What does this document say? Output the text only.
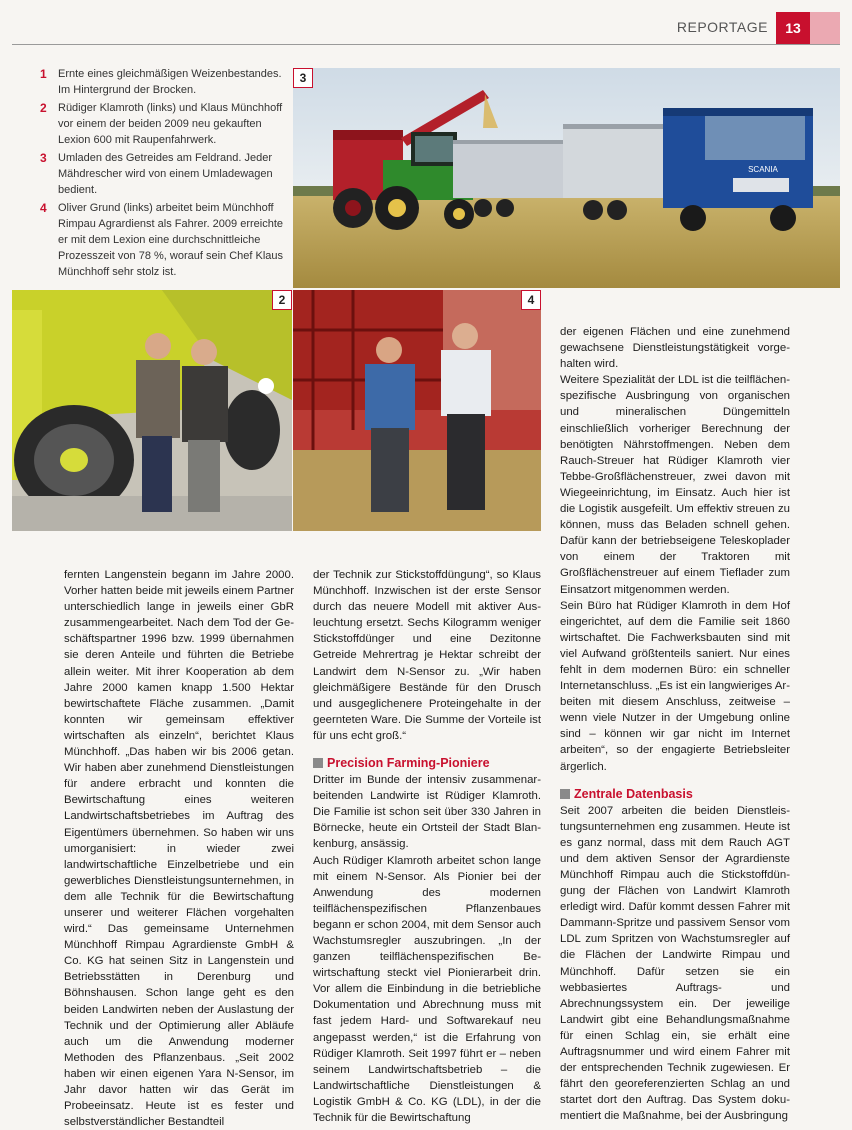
REPORTAGE	13
1 Ernte eines gleichmäßigen Weizenbestandes. Im Hintergrund der Brocken.
2 Rüdiger Klamroth (links) und Klaus Münchhoff vor einem der beiden 2009 neu gekauften Lexion 600 mit Raupenfahrwerk.
3 Umladen des Getreides am Feldrand. Jeder Mähdrescher wird von einem Umladewagen bedient.
4 Oliver Grund (links) arbeitet beim Münchhoff Rimpau Agrardienst als Fahrer. 2009 erreichte er mit dem Lexion eine durchschnittleiche Prozesszeit von 78 %, worauf sein Chef Klaus Münchhoff sehr stolz ist.
SCANIA
3
2	4

fernten Langenstein begann im Jahre 2000. Vorher hatten beide mit jeweils einem Partner unterschiedlich lange in jeweils einer GbR zusammengearbeitet. Nach dem Tod der Geschäftspartner 1996 bzw. 1999 übernahmen sie deren Anteile und führten die Betriebe allein weiter. Mit ihrer Kooperation ab dem Jahre 2000 kamen knapp 1.500 Hektar bewirtschaftete Fläche zusammen. „Damit konnten wir gemeinsam effektiver wirtschaften als einzeln“, berichtet Klaus Münchhoff. „Das haben wir bis 2006 getan. Wir haben aber zunehmend Dienstleistungen für andere erbracht und konnten die Bewirtschaftung eines weiteren Landwirtschaftsbetriebes im Auftrag des Eigentümers übernehmen. So haben wir uns umorganisiert: in wieder zwei landwirtschaftliche Einzelbetriebe und ein gewerbliches Dienstleistungsunternehmen, in dem alle Technik für die Bewirtschaftung unserer und weiterer Flächen vorgehalten wird.“ Das gemeinsame Unternehmen Münchhoff Rimpau Agrardienste GmbH & Co. KG hat seinen Sitz in Langenstein und Betriebsstätten in Derenburg und Böhnshausen. Schon lange geht es den beiden Landwirten neben der Auslastung der Technik und der Optimierung aller Abläufe auch um die Anwendung moderner Methoden des Pflanzenbaus. „Seit 2002 haben wir einen eigenen Yara N-Sensor, im Jahr davor hatten wir das Gerät im Probeeinsatz. Heute ist es fester und selbstverständlicher Bestandteil

der Technik zur Stickstoffdüngung“, so Klaus Münchhoff. Inzwischen ist der erste Sensor durch das neuere Modell mit aktiver Ausleuchtung ersetzt. Sechs Kilogramm weniger Stickstoffdünger und eine Dezitonne Getreide Mehrertrag je Hektar schreibt der Landwirt dem N-Sensor zu. „Wir haben gleichmäßigere Bestände für den Drusch und ausgeglichenere Proteingehalte in der geernteten Ware. Die Summe der Vorteile ist für uns echt groß.“

Precision Farming-Pioniere

Dritter im Bunde der intensiv zusammenarbeitenden Landwirte ist Rüdiger Klamroth. Die Familie ist schon seit über 330 Jahren in Börnecke, heute ein Ortsteil der Stadt Blankenburg, ansässig.

Auch Rüdiger Klamroth arbeitet schon lange mit einem N-Sensor. Als Pionier bei der Anwendung des modernen teilflächenspezifischen Pflanzenbaues begann er schon 2004, mit dem Sensor auch Wachstumsregler auszubringen. „In der ganzen teilflächenspezifischen Bewirtschaftung steckt viel Pionierarbeit drin. Vor allem die Einbindung in die betriebliche Dokumentation und Abrechnung muss mit fast jedem Hard- und Softwarekauf neu angepasst werden,“ ist die Erfahrung von Rüdiger Klamroth. Seit 1997 führt er – neben seinem Landwirtschaftsbetrieb – die Landwirtschaftliche Dienstleistungen & Logistik GmbH & Co. KG (LDL), in der die Technik für die Bewirtschaftung

der eigenen Flächen und eine zunehmend gewachsene Dienstleistungstätigkeit vorgehalten wird.

Weitere Spezialität der LDL ist die teilflächenspezifische Ausbringung von organischen und mineralischen Düngemitteln einschließlich vorheriger Berechnung der benötigten Nährstoffmengen. Neben dem Rauch-Streuer hat Rüdiger Klamroth vier Tebbe-Großflächenstreuer, zwei davon mit Wiegeeinrichtung, im Einsatz. Auch hier ist die Logistik ausgefeilt. Um effektiv streuen zu können, muss das Beladen schnell gehen. Dafür kann der betriebseigene Teleskoplader von einem der Traktoren mit Großflächenstreuer auf einem Tieflader zum Einsatzort mitgenommen werden.

Sein Büro hat Rüdiger Klamroth in dem Hof eingerichtet, auf dem die Familie seit 1860 wirtschaftet. Die Fachwerksbauten sind mit viel Aufwand größtenteils saniert. Nur eines fehlt in dem modernen Büro: ein schneller Internetanschluss. „Es ist ein langwieriges Arbeiten mit diesem Anschluss, zeitweise – wenn viele Nutzer in der Umgebung online sind – können wir gar nicht im Internet arbeiten“, so der engagierte Betriebsleiter ärgerlich.

Zentrale Datenbasis

Seit 2007 arbeiten die beiden Dienstleistungsunternehmen eng zusammen. Heute ist es ganz normal, dass mit dem Rauch AGT und dem aktiven Sensor der Agrardienste Münchhoff Rimpau auch die Stickstoffdüngung der Flächen von Landwirt Klamroth erledigt wird. Dafür kommt dessen Fahrer mit Dammann-Spritze und passivem Sensor vom LDL zum Spritzen von Wachstumsregler auf die Flächen der Landwirte Rimpau und Münchhoff. Dafür setzen sie ein webbasiertes Auftrags- und Abrechnungssystem ein. Der jeweilige Landwirt gibt eine Behandlungsmaßnahme für einen Schlag ein, sie erhält eine Auftragsnummer und wird einem Fahrer mit der entsprechenden Technik zugewiesen. Er fährt den georeferenzierten Schlag an und startet dort den Auftrag. Das System dokumentiert die Maßnahme, bei der Ausbringung
